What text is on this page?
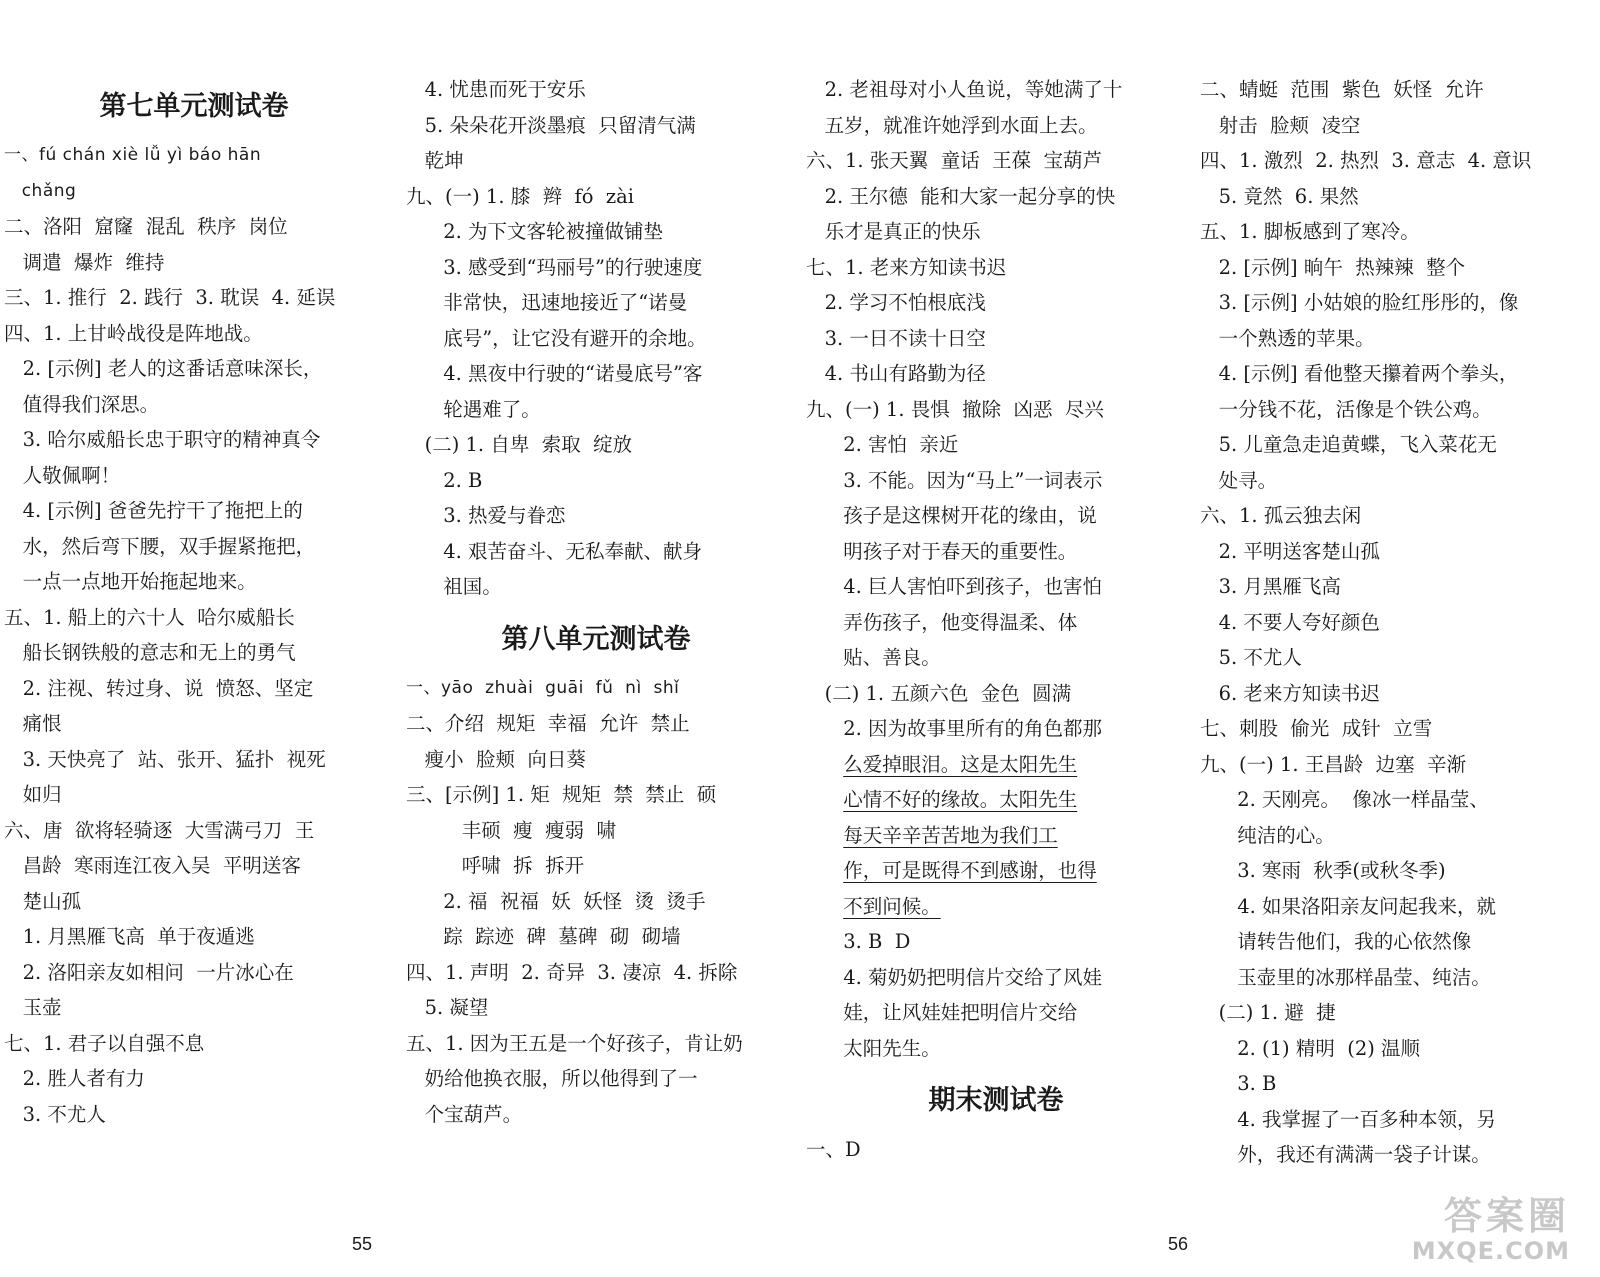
第七单元测试卷
一、fú chán xiè lǚ yì báo hān
chǎng
二、洛阳  窟窿  混乱  秩序  岗位
调遣  爆炸  维持
三、1. 推行  2. 践行  3. 耽误  4. 延误
四、1. 上甘岭战役是阵地战。
2. [示例] 老人的这番话意味深长，
值得我们深思。
3. 哈尔威船长忠于职守的精神真令
人敬佩啊！
4. [示例] 爸爸先拧干了拖把上的
水，然后弯下腰，双手握紧拖把，
一点一点地开始拖起地来。
五、1. 船上的六十人  哈尔威船长
船长钢铁般的意志和无上的勇气
2. 注视、转过身、说  愤怒、坚定
痛恨
3. 天快亮了  站、张开、猛扑  视死
如归
六、唐  欲将轻骑逐  大雪满弓刀  王
昌龄  寒雨连江夜入吴  平明送客
楚山孤
1. 月黑雁飞高  单于夜遁逃
2. 洛阳亲友如相问  一片冰心在
玉壶
七、1. 君子以自强不息
2. 胜人者有力
3. 不尤人
4. 忧患而死于安乐
5. 朵朵花开淡墨痕  只留清气满
乾坤
九、(一) 1. 膝  辫  fó  zài
2. 为下文客轮被撞做铺垫
3. 感受到“玛丽号”的行驶速度
非常快，迅速地接近了“诺曼
底号”，让它没有避开的余地。
4. 黑夜中行驶的“诺曼底号”客
轮遇难了。
(二) 1. 自卑  索取  绽放
2. B
3. 热爱与眷恋
4. 艰苦奋斗、无私奉献、献身
祖国。
第八单元测试卷
一、yāo  zhuài  guāi  fǔ  nì  shǐ
二、介绍  规矩  幸福  允许  禁止
瘦小  脸颊  向日葵
三、[示例] 1. 矩  规矩  禁  禁止  硕
丰硕  瘦  瘦弱  啸
呼啸  拆  拆开
2. 福  祝福  妖  妖怪  烫  烫手
踪  踪迹  碑  墓碑  砌  砌墙
四、1. 声明  2. 奇异  3. 凄凉  4. 拆除
5. 凝望
五、1. 因为王五是一个好孩子，肯让奶
奶给他换衣服，所以他得到了一
个宝葫芦。
2. 老祖母对小人鱼说，等她满了十
五岁，就准许她浮到水面上去。
六、1. 张天翼  童话  王葆  宝葫芦
2. 王尔德  能和大家一起分享的快
乐才是真正的快乐
七、1. 老来方知读书迟
2. 学习不怕根底浅
3. 一日不读十日空
4. 书山有路勤为径
九、(一) 1. 畏惧  撤除  凶恶  尽兴
2. 害怕  亲近
3. 不能。因为“马上”一词表示
孩子是这棵树开花的缘由，说
明孩子对于春天的重要性。
4. 巨人害怕吓到孩子，也害怕
弄伤孩子，他变得温柔、体
贴、善良。
(二) 1. 五颜六色  金色  圆满
2. 因为故事里所有的角色都那
么爱掉眼泪。这是太阳先生
心情不好的缘故。太阳先生
每天辛辛苦苦地为我们工
作，可是既得不到感谢，也得
不到问候。
3. B  D
4. 菊奶奶把明信片交给了风娃
娃，让风娃娃把明信片交给
太阳先生。
期末测试卷
一、D
二、蜻蜓  范围  紫色  妖怪  允许
射击  脸颊  凌空
四、1. 激烈  2. 热烈  3. 意志  4. 意识
5. 竟然  6. 果然
五、1. 脚板感到了寒冷。
2. [示例] 晌午  热辣辣  整个
3. [示例] 小姑娘的脸红彤彤的，像
一个熟透的苹果。
4. [示例] 看他整天攥着两个拳头，
一分钱不花，活像是个铁公鸡。
5. 儿童急走追黄蝶，飞入菜花无
处寻。
六、1. 孤云独去闲
2. 平明送客楚山孤
3. 月黑雁飞高
4. 不要人夸好颜色
5. 不尤人
6. 老来方知读书迟
七、刺股  偷光  成针  立雪
九、(一) 1. 王昌龄  边塞  辛渐
2. 天刚亮。  像冰一样晶莹、
纯洁的心。
3. 寒雨  秋季(或秋冬季)
4. 如果洛阳亲友问起我来，就
请转告他们，我的心依然像
玉壶里的冰那样晶莹、纯洁。
(二) 1. 避  捷
2. (1) 精明  (2) 温顺
3. B
4. 我掌握了一百多种本领，另
外，我还有满满一袋子计谋。
55	56
答案圈
MXQE.COM
